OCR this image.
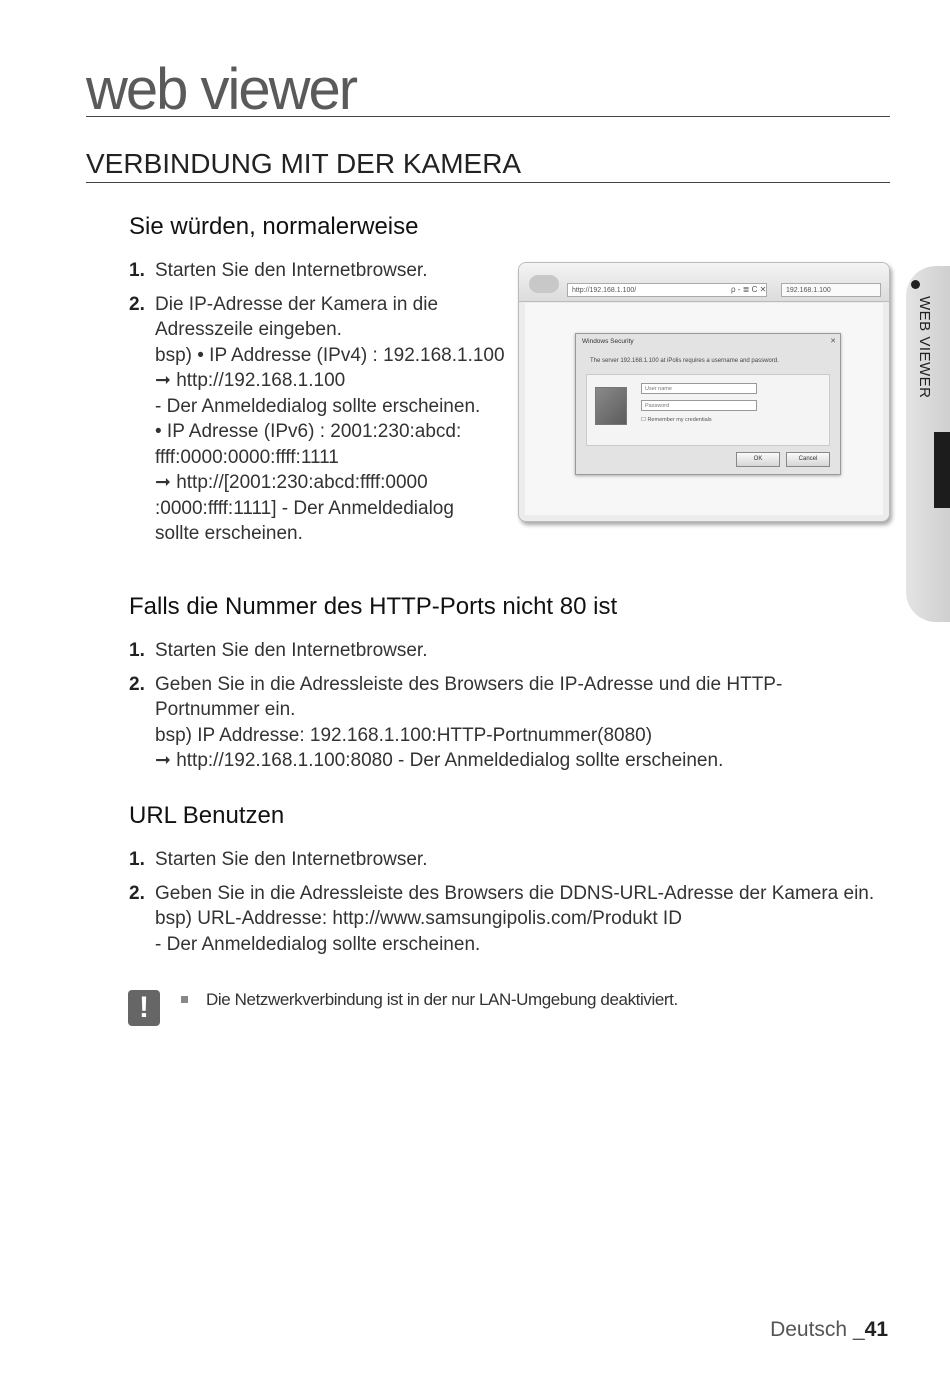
web viewer
VERBINDUNG MIT DER KAMERA
WEB VIEWER
Sie würden, normalerweise
1. Starten Sie den Internetbrowser.
2. Die IP-Adresse der Kamera in die
Adresszeile eingeben.
bsp) • IP Addresse (IPv4) : 192.168.1.100
➞ http://192.168.1.100
- Der Anmeldedialog sollte erscheinen.
• IP Adresse (IPv6) : 2001:230:abcd:
ffff:0000:0000:ffff:1111
➞ http://[2001:230:abcd:ffff:0000
:0000:ffff:1111] - Der Anmeldedialog
sollte erscheinen.
http://192.168.1.100/	ρ - ≣ C ✕	192.168.1.100
Windows Security	✕
The server 192.168.1.100 at iPolis requires a username and password.
User name
Password
☐ Remember my credentials
OK	Cancel
Falls die Nummer des HTTP-Ports nicht 80 ist
1. Starten Sie den Internetbrowser.
2. Geben Sie in die Adressleiste des Browsers die IP-Adresse und die HTTP-
Portnummer ein.
bsp) IP Addresse: 192.168.1.100:HTTP-Portnummer(8080)
➞ http://192.168.1.100:8080 - Der Anmeldedialog sollte erscheinen.
URL Benutzen
1. Starten Sie den Internetbrowser.
2. Geben Sie in die Adressleiste des Browsers die DDNS-URL-Adresse der Kamera ein.
bsp) URL-Addresse: http://www.samsungipolis.com/Produkt ID
- Der Anmeldedialog sollte erscheinen.
!	Die Netzwerkverbindung ist in der nur LAN-Umgebung deaktiviert.
Deutsch _41
